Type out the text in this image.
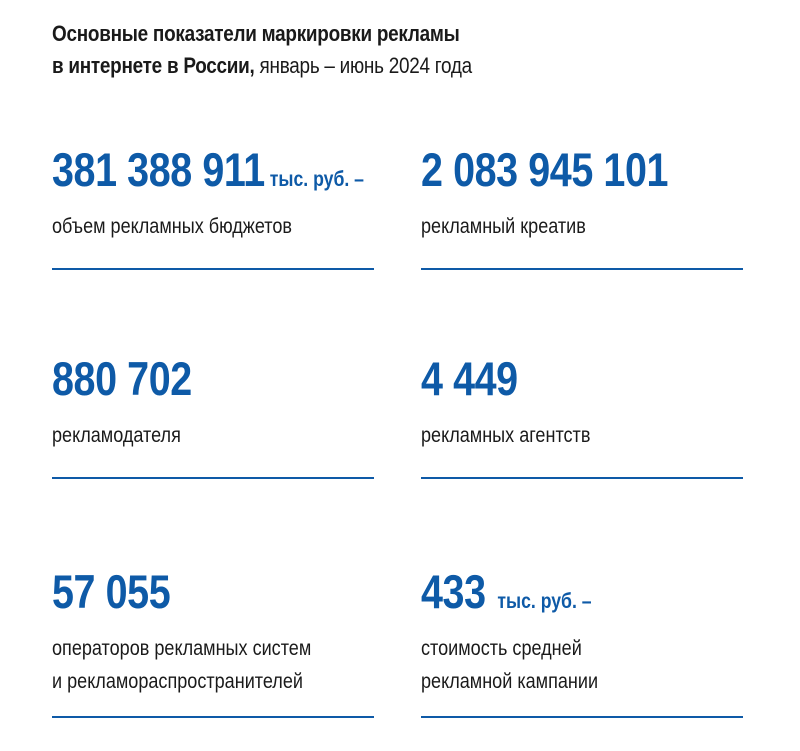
Основные показатели маркировки рекламы
в интернете в России, январь – июнь 2024 года
381 388 911 тыс. руб. –
объем рекламных бюджетов
2 083 945 101
рекламный креатив
880 702
рекламодателя
4 449
рекламных агентств
57 055
операторов рекламных систем
и рекламораспространителей
433 тыс. руб. –
стоимость средней
рекламной кампании
